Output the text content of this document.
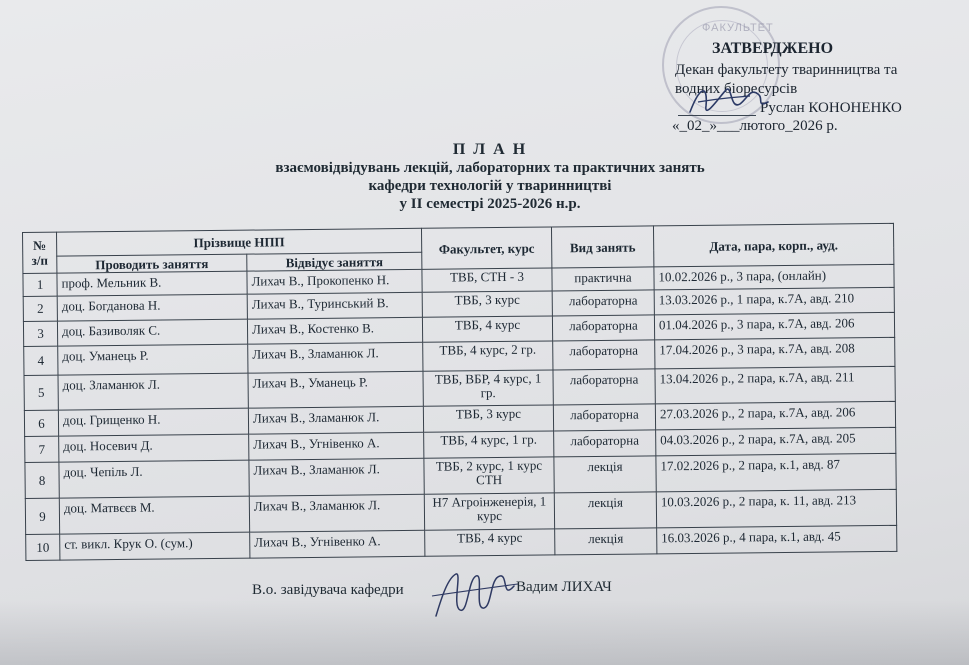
ФАКУЛЬТЕТ
ЗАТВЕРДЖЕНО
Декан факультету тваринництва та
водних біоресурсів
Руслан КОНОНЕНКО
«_02_»___лютого_2026 р.
П Л А Н
взаємовідвідувань лекцій, лабораторних та практичних занять
кафедри технологій у тваринництві
у ІІ семестрі 2025-2026 н.р.
№ з/п	Прізвище НПП		Факультет, курс	Вид занять	Дата, пара, корп., ауд.
	Проводить заняття	Відвідує заняття			
1	проф. Мельник В.	Лихач В., Прокопенко Н.	ТВБ, СТН - 3	практична	10.02.2026 р., 3 пара, (онлайн)
2	доц. Богданова Н.	Лихач В., Туринський В.	ТВБ, 3 курс	лабораторна	13.03.2026 р., 1 пара, к.7А, авд. 210
3	доц. Базиволяк С.	Лихач В., Костенко В.	ТВБ, 4 курс	лабораторна	01.04.2026 р., 3 пара, к.7А, авд. 206
4	доц. Уманець Р.	Лихач В., Зламанюк Л.	ТВБ, 4 курс, 2 гр.	лабораторна	17.04.2026 р., 3 пара, к.7А, авд. 208
5	доц. Зламанюк Л.	Лихач В., Уманець Р.	ТВБ, ВБР, 4 курс, 1 гр.	лабораторна	13.04.2026 р., 2 пара, к.7А, авд. 211
6	доц. Грищенко Н.	Лихач В., Зламанюк Л.	ТВБ, 3 курс	лабораторна	27.03.2026 р., 2 пара, к.7А, авд. 206
7	доц. Носевич Д.	Лихач В., Угнівенко А.	ТВБ, 4 курс, 1 гр.	лабораторна	04.03.2026 р., 2 пара, к.7А, авд. 205
8	доц. Чепіль Л.	Лихач В., Зламанюк Л.	ТВБ, 2 курс, 1 курс СТН	лекція	17.02.2026 р., 2 пара, к.1, авд. 87
9	доц. Матвєєв М.	Лихач В., Зламанюк Л.	Н7 Агроінженерія, 1 курс	лекція	10.03.2026 р., 2 пара, к. 11, авд. 213
10	ст. викл. Крук О. (сум.)	Лихач В., Угнівенко А.	ТВБ, 4 курс	лекція	16.03.2026 р., 4 пара, к.1, авд. 45
В.о. завідувача кафедри	Вадим ЛИХАЧ
